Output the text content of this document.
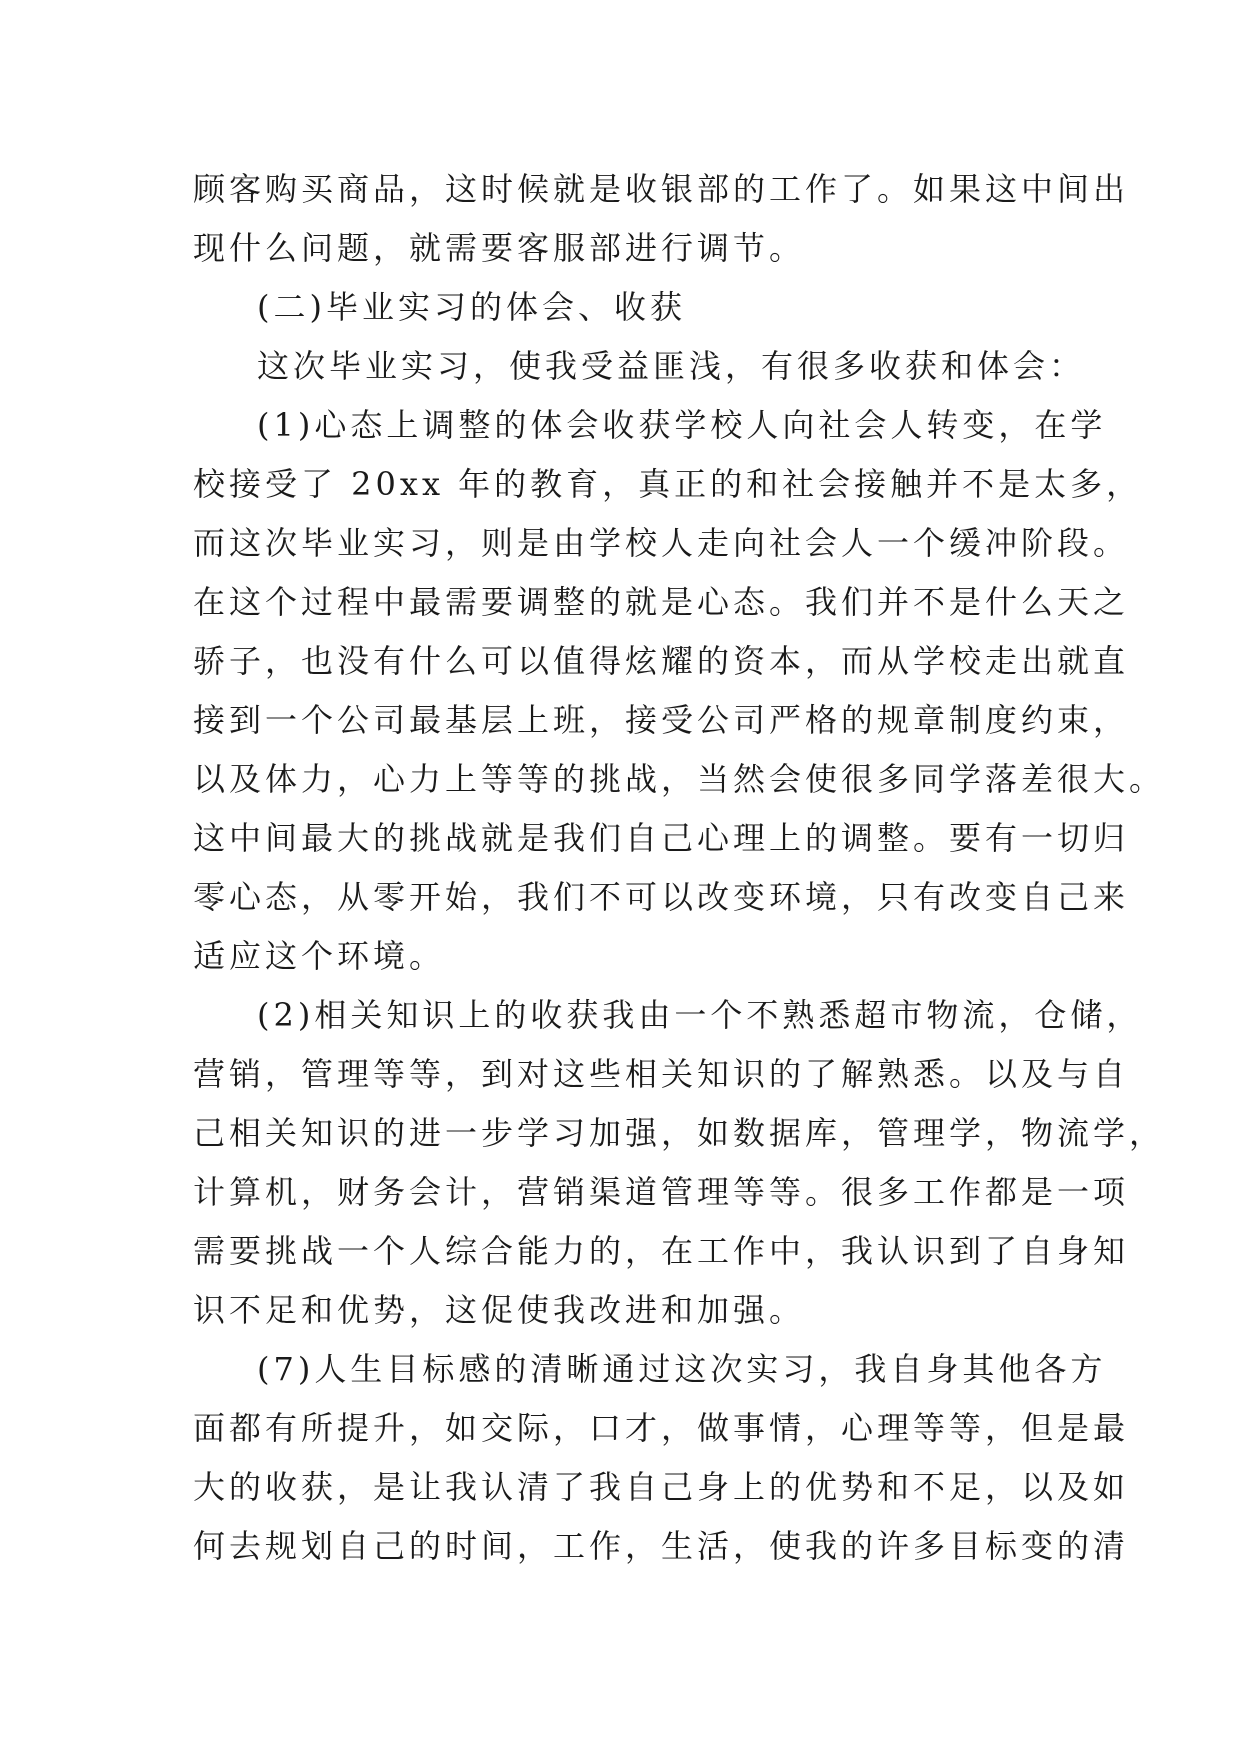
顾客购买商品，这时候就是收银部的工作了。如果这中间出
现什么问题，就需要客服部进行调节。
(二)毕业实习的体会、收获
这次毕业实习，使我受益匪浅，有很多收获和体会：
(1)心态上调整的体会收获学校人向社会人转变，在学
校接受了 20xx 年的教育，真正的和社会接触并不是太多，
而这次毕业实习，则是由学校人走向社会人一个缓冲阶段。
在这个过程中最需要调整的就是心态。我们并不是什么天之
骄子，也没有什么可以值得炫耀的资本，而从学校走出就直
接到一个公司最基层上班，接受公司严格的规章制度约束，
以及体力，心力上等等的挑战，当然会使很多同学落差很大。
这中间最大的挑战就是我们自己心理上的调整。要有一切归
零心态，从零开始，我们不可以改变环境，只有改变自己来
适应这个环境。
(2)相关知识上的收获我由一个不熟悉超市物流，仓储，
营销，管理等等，到对这些相关知识的了解熟悉。以及与自
己相关知识的进一步学习加强，如数据库，管理学，物流学，
计算机，财务会计，营销渠道管理等等。很多工作都是一项
需要挑战一个人综合能力的，在工作中，我认识到了自身知
识不足和优势，这促使我改进和加强。
(7)人生目标感的清晰通过这次实习，我自身其他各方
面都有所提升，如交际，口才，做事情，心理等等，但是最
大的收获，是让我认清了我自己身上的优势和不足，以及如
何去规划自己的时间，工作，生活，使我的许多目标变的清
